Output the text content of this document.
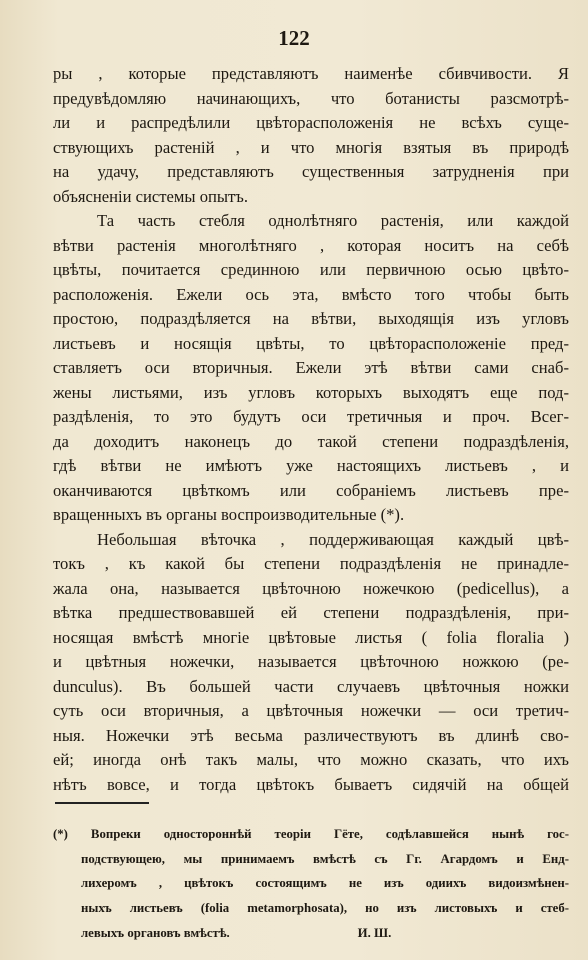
122
ры , которые представляютъ наименѣе сбивчивости. Я
предувѣдомляю начинающихъ, что ботанисты разсмотрѣ-
ли и распредѣлили цвѣторасположенія не всѣхъ суще-
ствующихъ растеній , и что многія взятыя въ природѣ
на удачу, представляютъ существенныя затрудненія при
объясненіи системы опытъ.
Та часть стебля однолѣтняго растенія, или каждой
вѣтви растенія многолѣтняго , которая носитъ на себѣ
цвѣты, почитается срединною или первичною осью цвѣто-
расположенія. Ежели ось эта, вмѣсто того чтобы быть
простою, подраздѣляется на вѣтви, выходящія изъ угловъ
листьевъ и носящія цвѣты, то цвѣторасположеніе пред-
ставляетъ оси вторичныя. Ежели этѣ вѣтви сами снаб-
жены листьями, изъ угловъ которыхъ выходятъ еще под-
раздѣленія, то это будутъ оси третичныя и проч. Всег-
да доходитъ наконецъ до такой степени подраздѣленія,
гдѣ вѣтви не имѣютъ уже настоящихъ листьевъ , и
оканчиваются цвѣткомъ или собраніемъ листьевъ пре-
вращенныхъ въ органы воспроизводительные (*).
Небольшая вѣточка , поддерживающая каждый цвѣ-
токъ , къ какой бы степени подраздѣленія не принадле-
жала она, называется цвѣточною ножечкою (pedicellus), а
вѣтка предшествовавшей ей степени подраздѣленія, при-
носящая вмѣстѣ многіе цвѣтовые листья ( folia floralia )
и цвѣтныя ножечки, называется цвѣточною ножкою (pe-
dunculus). Въ большей части случаевъ цвѣточныя ножки
суть оси вторичныя, а цвѣточныя ножечки — оси третич-
ныя. Ножечки этѣ весьма различествуютъ въ длинѣ сво-
ей; иногда онѣ такъ малы, что можно сказать, что ихъ
нѣтъ вовсе, и тогда цвѣтокъ бываетъ сидячій на общей
(*) Вопреки одностороннѣй теоріи Гёте, содѣлавшейся нынѣ гос-
подствующею, мы принимаемъ вмѣстѣ съ Гг. Агардомъ и Енд-
лихеромъ , цвѣтокъ состоящимъ не изъ одиихъ видоизмѣнен-
ныхъ листьевъ (folia metamorphosata), но изъ листовыхъ и стеб-
левыхъ органовъ вмѣстѣ.                                        И. Ш.
